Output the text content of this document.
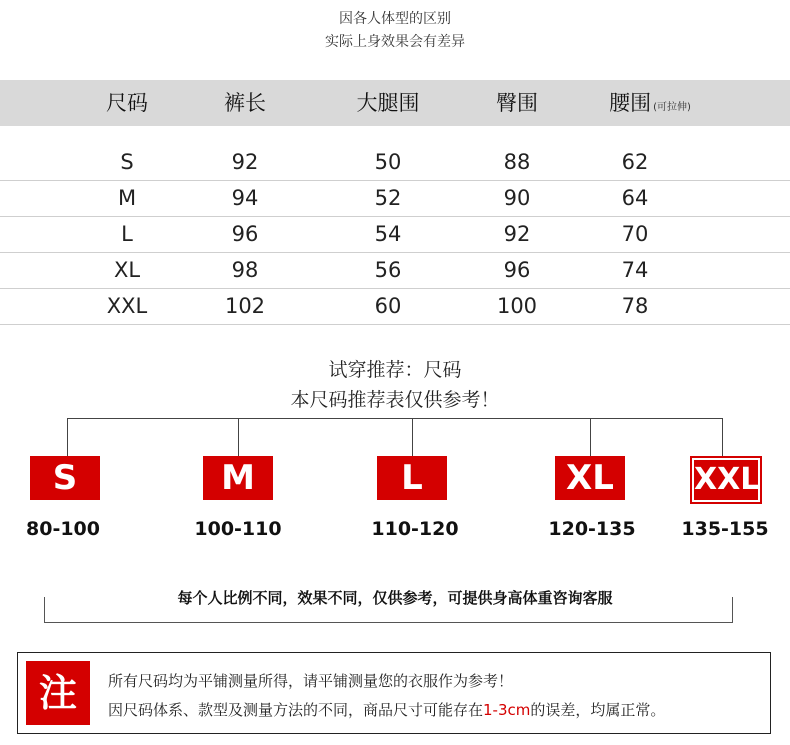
因各人体型的区别
实际上身效果会有差异
尺码	裤长	大腿围	臀围	腰围 (可拉伸)
S	92	50	88	62
M	94	52	90	64
L	96	54	92	70
XL	98	56	96	74
XXL	102	60	100	78
试穿推荐：尺码
本尺码推荐表仅供参考！
S	M	L	XL	XXL
80-100	100-110	110-120	120-135	135-155
每个人比例不同，效果不同，仅供参考，可提供身高体重咨询客服
注	所有尺码均为平铺测量所得，请平铺测量您的衣服作为参考！
因尺码体系、款型及测量方法的不同，商品尺寸可能存在1-3cm的误差，均属正常。
